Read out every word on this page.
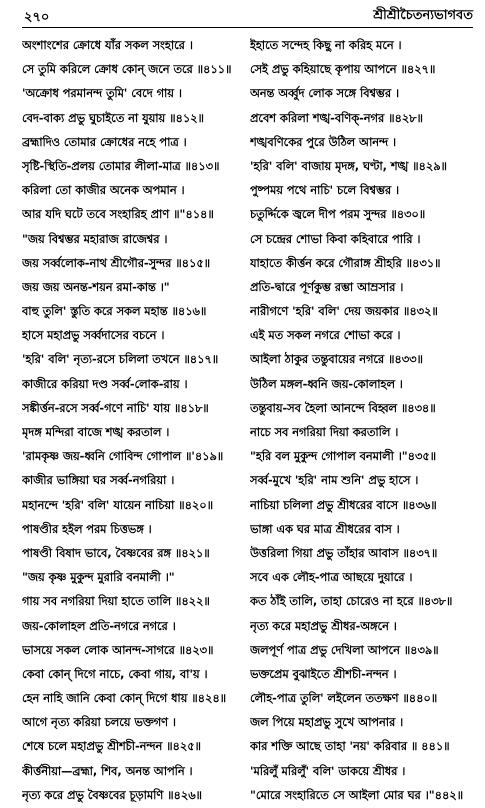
২৭০	শ্রীশ্রীচৈতন্যভাগবত
অংশাংশের ক্রোধে যাঁর সকল সংহারে ।
সে তুমি করিলে ক্রোধ কোন্ জনে তরে ॥৪১১॥
'অক্রোধ পরমানন্দ তুমি' বেদে গায় ।
বেদ-বাক্য প্রভু ঘুচাইতে না যুয়ায় ॥৪১২॥
ব্রহ্মাদিও তোমার ক্রোধের নহে পাত্র ।
সৃষ্টি-স্থিতি-প্রলয় তোমার লীলা-মাত্র ॥৪১৩॥
করিলা তো কাজীর অনেক অপমান ।
আর যদি ঘটে তবে সংহারিহ প্রাণ ॥"৪১৪॥
"জয় বিশ্বম্ভর মহারাজ রাজেশ্বর ।
জয় সর্ব্বলোক-নাথ শ্রীগৌর-সুন্দর ॥৪১৫॥
জয় জয় অনন্ত-শয়ন রমা-কান্ত ।"
বাহু তুলি' স্তুতি করে সকল মহান্ত ॥৪১৬॥
হাসে মহাপ্রভু সর্ব্বদাসের বচনে ।
'হরি' বলি' নৃত্য-রসে চলিলা তখনে ॥৪১৭॥
কাজীরে করিয়া দণ্ড সর্ব্ব-লোক-রায় ।
সঙ্কীর্ত্তন-রসে সর্ব্ব-গণে নাচি' যায় ॥৪১৮॥
মৃদঙ্গ মন্দিরা বাজে শঙ্খ করতাল ।
'রামকৃষ্ণ জয়-ধ্বনি গোবিন্দ গোপাল ॥'৪১৯॥
কাজীর ভাঙ্গিয়া ঘর সর্ব্ব-নগরিয়া ।
মহানন্দে 'হরি' বলি' যায়েন নাচিয়া ॥৪২০॥
পাষণ্ডীর হইল পরম চিত্তভঙ্গ ।
পাষণ্ডী বিষাদ ভাবে, বৈষ্ণবের রঙ্গ ॥৪২১॥
"জয় কৃষ্ণ মুকুন্দ মুরারি বনমালী ।"
গায় সব নগরিয়া দিয়া হাতে তালি ॥৪২২॥
জয়-কোলাহল প্রতি-নগরে নগরে ।
ভাসয়ে সকল লোক আনন্দ-সাগরে ॥৪২৩॥
কেবা কোন্ দিগে নাচে, কেবা গায়, বা'য় ।
হেন নাহি জানি কেবা কোন্ দিগে ধায় ॥৪২৪॥
আগে নৃত্য করিয়া চলয়ে ভক্তগণ ।
শেষে চলে মহাপ্রভু শ্রীশচী-নন্দন ॥৪২৫॥
কীর্ত্তনীয়া—ব্রহ্মা, শিব, অনন্ত আপনি ।
নৃত্য করে প্রভু বৈষ্ণবের চূড়ামণি ॥৪২৬॥
ইহাতে সন্দেহ কিছু না করিহ মনে ।
সেই প্রভু কহিয়াছে কৃপায় আপনে ॥৪২৭॥
অনন্ত অর্ব্বুদ লোক সঙ্গে বিশ্বম্ভর ।
প্রবেশ করিলা শঙ্খ-বণিক্-নগর ॥৪২৮॥
শঙ্খবণিকের পুরে উঠিল আনন্দ ।
'হরি' বলি' বাজায় মৃদঙ্গ, ঘণ্টা, শঙ্খ ॥৪২৯॥
পুষ্পময় পথে নাচি' চলে বিশ্বম্ভর ।
চতুর্দ্দিকে জ্বলে দীপ পরম সুন্দর ॥৪৩০॥
সে চন্দ্রের শোভা কিবা কহিবারে পারি ।
যাহাতে কীর্ত্তন করে গৌরাঙ্গ শ্রীহরি ॥৪৩১॥
প্রতি-দ্বারে পূর্ণকুম্ভ রম্ভা আম্রসার ।
নারীগণে 'হরি' বলি' দেয় জয়কার ॥৪৩২॥
এই মত সকল নগরে শোভা করে ।
আইলা ঠাকুর তন্তুবায়ের নগরে ॥৪৩৩॥
উঠিল মঙ্গল-ধ্বনি জয়-কোলাহল ।
তন্তুবায়-সব হৈলা আনন্দে বিহ্বল ॥৪৩৪॥
নাচে সব নগরিয়া দিয়া করতালি ।
"হরি বল মুকুন্দ গোপাল বনমালী ।"৪৩৫॥
সর্ব্ব-মুখে 'হরি' নাম শুনি' প্রভু হাসে ।
নাচিয়া চলিলা প্রভু শ্রীধরের বাসে ॥৪৩৬॥
ভাঙ্গা এক ঘর মাত্র শ্রীধরের বাস ।
উত্তরিলা গিয়া প্রভু তাঁহার আবাস ॥৪৩৭॥
সবে এক লৌহ-পাত্র আছয়ে দুয়ারে ।
কত ঠাঁই তালি, তাহা চোরেও না হরে ॥৪৩৮॥
নৃত্য করে মহাপ্রভু শ্রীধর-অঙ্গনে ।
জলপূর্ণ পাত্র প্রভু দেখিলা আপনে ॥৪৩৯॥
ভক্তপ্রেম বুঝাইতে শ্রীশচী-নন্দন ।
লৌহ-পাত্র তুলি' লইলেন ততক্ষণ ॥৪৪০॥
জল পিয়ে মহাপ্রভু সুখে আপনার ।
কার শক্তি আছে তাহা 'নয়' করিবার ॥ ৪৪১॥
'মরিলুঁ মরিলুঁ' বলি' ডাকয়ে শ্রীধর ।
"মোরে সংহারিতে সে আইলা মোর ঘর ।"৪৪২॥
